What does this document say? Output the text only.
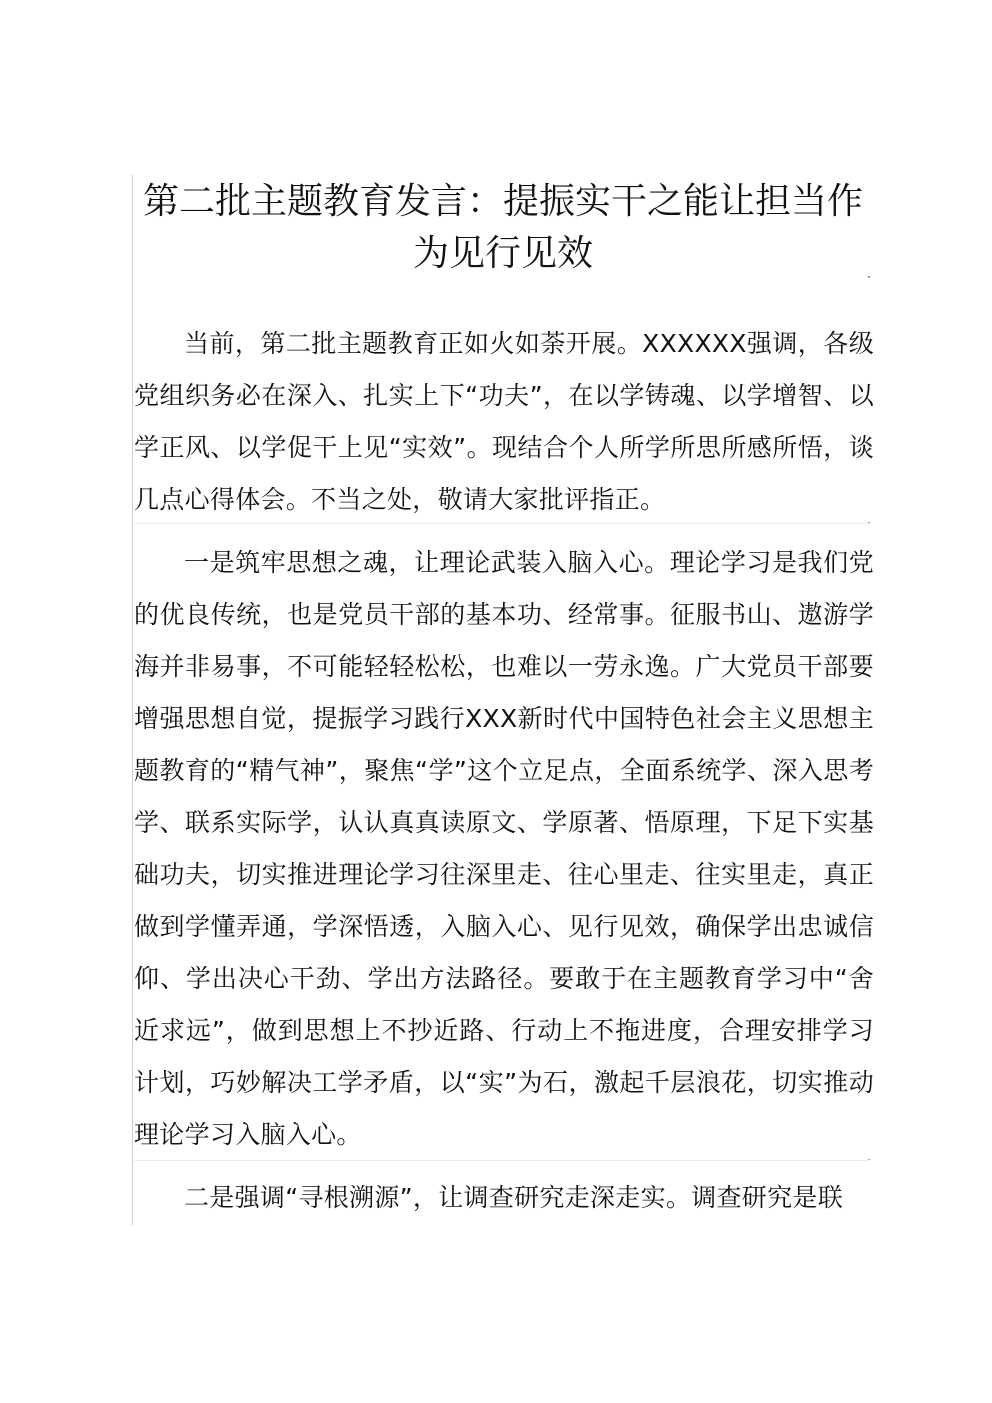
第二批主题教育发言：提振实干之能让担当作为见行见效

当前，第二批主题教育正如火如荼开展。XXXXXX强调，各级党组织务必在深入、扎实上下“功夫”，在以学铸魂、以学增智、以学正风、以学促干上见“实效”。现结合个人所学所思所感所悟，谈几点心得体会。不当之处，敬请大家批评指正。

一是筑牢思想之魂，让理论武装入脑入心。理论学习是我们党的优良传统，也是党员干部的基本功、经常事。征服书山、遨游学海并非易事，不可能轻轻松松，也难以一劳永逸。广大党员干部要增强思想自觉，提振学习践行XXX新时代中国特色社会主义思想主题教育的“精气神”，聚焦“学”这个立足点，全面系统学、深入思考学、联系实际学，认认真真读原文、学原著、悟原理，下足下实基础功夫，切实推进理论学习往深里走、往心里走、往实里走，真正做到学懂弄通，学深悟透，入脑入心、见行见效，确保学出忠诚信仰、学出决心干劲、学出方法路径。要敢于在主题教育学习中“舍近求远”，做到思想上不抄近路、行动上不拖进度，合理安排学习计划，巧妙解决工学矛盾，以“实”为石，激起千层浪花，切实推动理论学习入脑入心。

二是强调“寻根溯源”，让调查研究走深走实。调查研究是联
